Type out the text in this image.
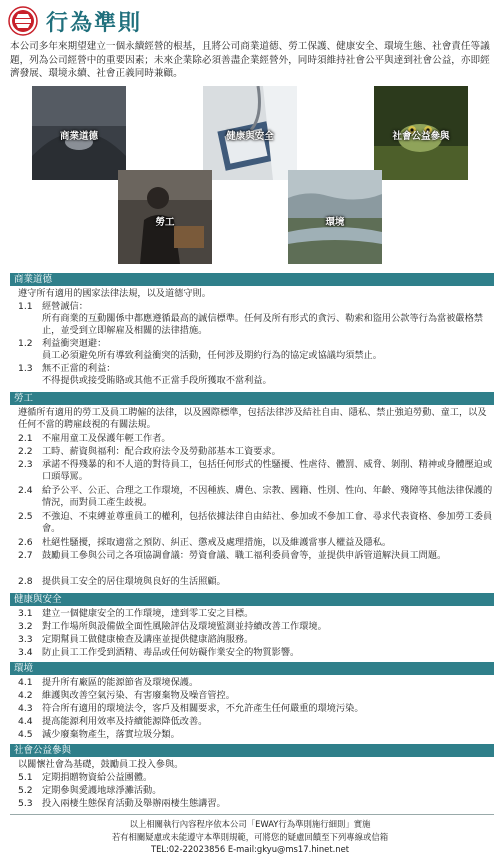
行為準則
本公司多年來期望建立一個永續經營的根基，且將公司商業道德、勞工保護、健康安全、環境生態、社會責任等議題，列為公司經營中的重要因素；未來企業除必須善盡企業經營外，同時須維持社會公平與達到社會公益，亦即經濟發展、環境永續、社會正義同時兼顧。
商業道德	健康與安全	社會公益參與
勞工	環境
商業道德
遵守所有適用的國家法律法規，以及道德守則。
1.1	經營誠信：
所有商業的互動關係中都應遵循最高的誠信標準。任何及所有形式的貪污、勒索和盜用公款等行為當被嚴格禁止，並受到立即解雇及相關的法律措施。
1.2	利益衝突迴避：
員工必須避免所有導致利益衝突的活動，任何涉及期約行為的協定或協議均須禁止。
1.3	無不正當的利益：
不得提供或接受賄賂或其他不正當手段所獲取不當利益。
勞工
遵循所有適用的勞工及員工聘僱的法律，以及國際標準，包括法律涉及結社自由、隱私、禁止強迫勞動、童工，以及任何不當的聘雇歧視的有關法規。
2.1	不雇用童工及保護年輕工作者。
2.2	工時、薪資與福利：配合政府法令及勞動部基本工資要求。
2.3	承諾不得殘暴的和不人道的對待員工，包括任何形式的性騷擾、性虐待、體罰、威脅、剝削、精神或身體壓迫或口頭辱罵。
2.4	給予公平、公正、合理之工作環境，不因種族、膚色、宗教、國籍、性別、性向、年齡、殘障等其他法律保護的情況，而對員工產生歧視。
2.5	不強迫、不束縛並尊重員工的權利，包括依據法律自由結社、參加或不參加工會、尋求代表資格、參加勞工委員會。
2.6	杜絕性騷擾，採取適當之預防、糾正、懲戒及處理措施，以及維護當事人權益及隱私。
2.7	鼓勵員工參與公司之各項協調會議：勞資會議、職工福利委員會等，並提供申訴管道解決員工問題。
2.8	提供員工安全的居住環境與良好的生活照顧。
健康與安全
3.1	建立一個健康安全的工作環境，達到零工安之目標。
3.2	對工作場所與設備做全面性風險評估及環境監測並持續改善工作環境。
3.3	定期幫員工做健康檢查及講座並提供健康諮詢服務。
3.4	防止員工工作受到酒精、毒品或任何妨礙作業安全的物質影響。
環境
4.1	提升所有廠區的能源節省及環境保護。
4.2	維護與改善空氣污染、有害廢棄物及噪音管控。
4.3	符合所有適用的環境法令，客戶及相關要求，不允許產生任何嚴重的環境污染。
4.4	提高能源利用效率及持續能源降低改善。
4.5	減少廢棄物產生，落實垃圾分類。
社會公益參與
以關懷社會為基礎，鼓勵員工投入參與。
5.1	定期捐贈物資給公益團體。
5.2	定期參與愛護地球淨灘活動。
5.3	投入兩棲生態保育活動及舉辦兩棲生態講習。
以上相關執行內容程序依本公司「EWAY行為準則施行細則」實施
若有相關疑慮或未能遵守本準則規範，可將您的疑慮回饋至下列專線或信箱
TEL:02-22023856 E-mail:gkyu@ms17.hinet.net
